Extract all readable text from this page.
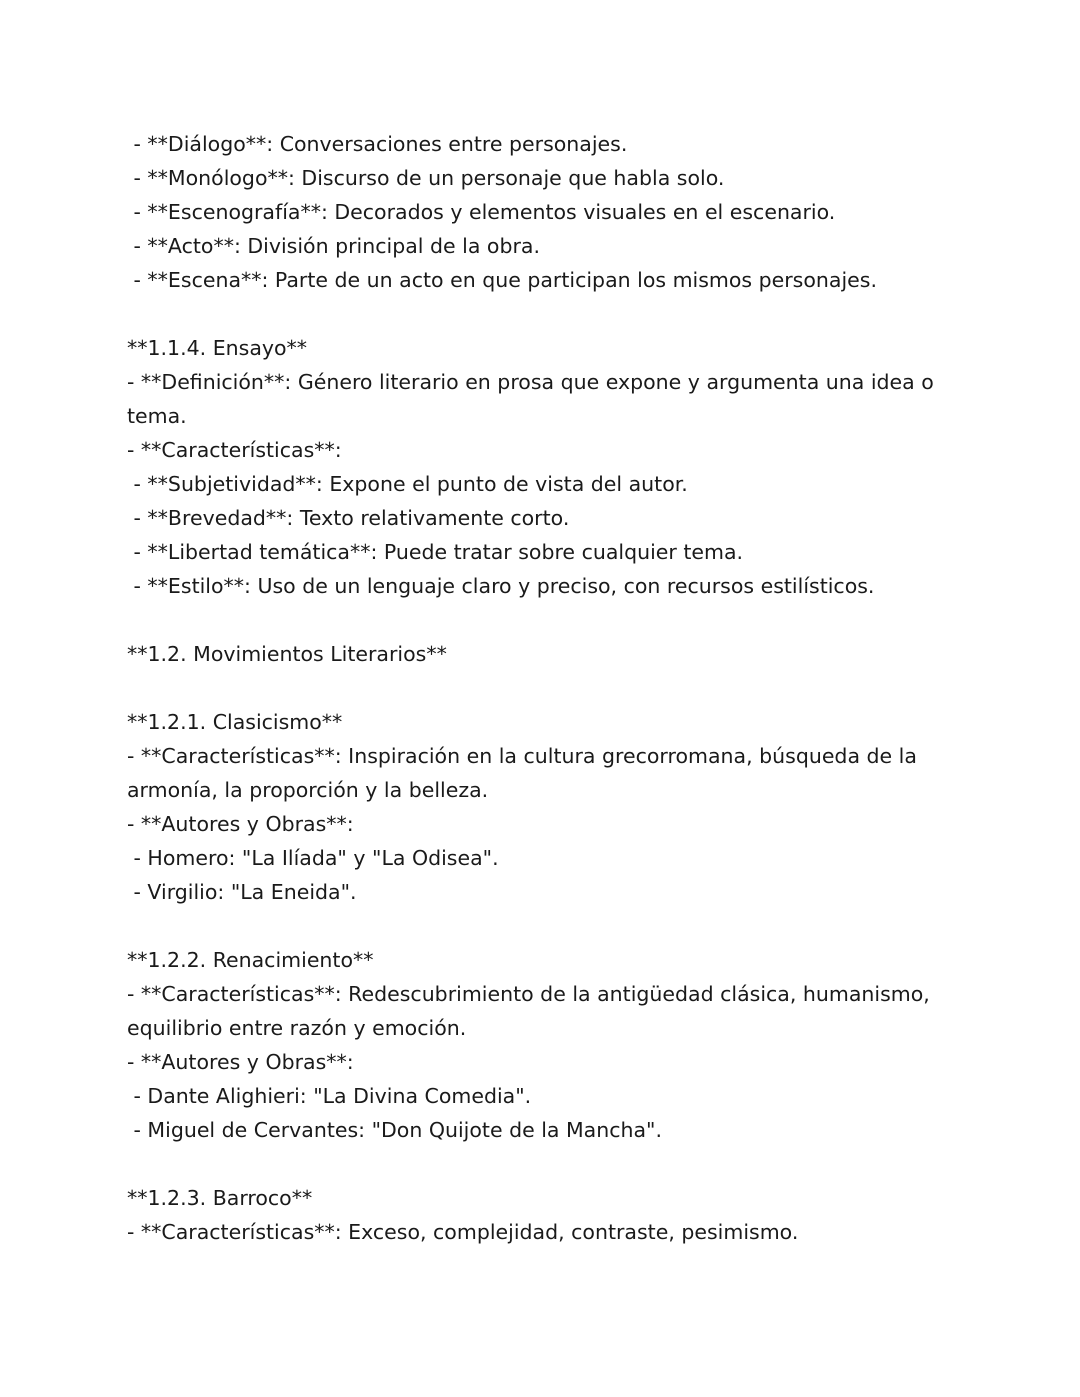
- **Diálogo**: Conversaciones entre personajes.
- **Monólogo**: Discurso de un personaje que habla solo.
- **Escenografía**: Decorados y elementos visuales en el escenario.
- **Acto**: División principal de la obra.
- **Escena**: Parte de un acto en que participan los mismos personajes.
**1.1.4. Ensayo**
- **Definición**: Género literario en prosa que expone y argumenta una idea o
tema.
- **Características**:
- **Subjetividad**: Expone el punto de vista del autor.
- **Brevedad**: Texto relativamente corto.
- **Libertad temática**: Puede tratar sobre cualquier tema.
- **Estilo**: Uso de un lenguaje claro y preciso, con recursos estilísticos.
**1.2. Movimientos Literarios**
**1.2.1. Clasicismo**
- **Características**: Inspiración en la cultura grecorromana, búsqueda de la
armonía, la proporción y la belleza.
- **Autores y Obras**:
- Homero: "La Ilíada" y "La Odisea".
- Virgilio: "La Eneida".
**1.2.2. Renacimiento**
- **Características**: Redescubrimiento de la antigüedad clásica, humanismo,
equilibrio entre razón y emoción.
- **Autores y Obras**:
- Dante Alighieri: "La Divina Comedia".
- Miguel de Cervantes: "Don Quijote de la Mancha".
**1.2.3. Barroco**
- **Características**: Exceso, complejidad, contraste, pesimismo.
